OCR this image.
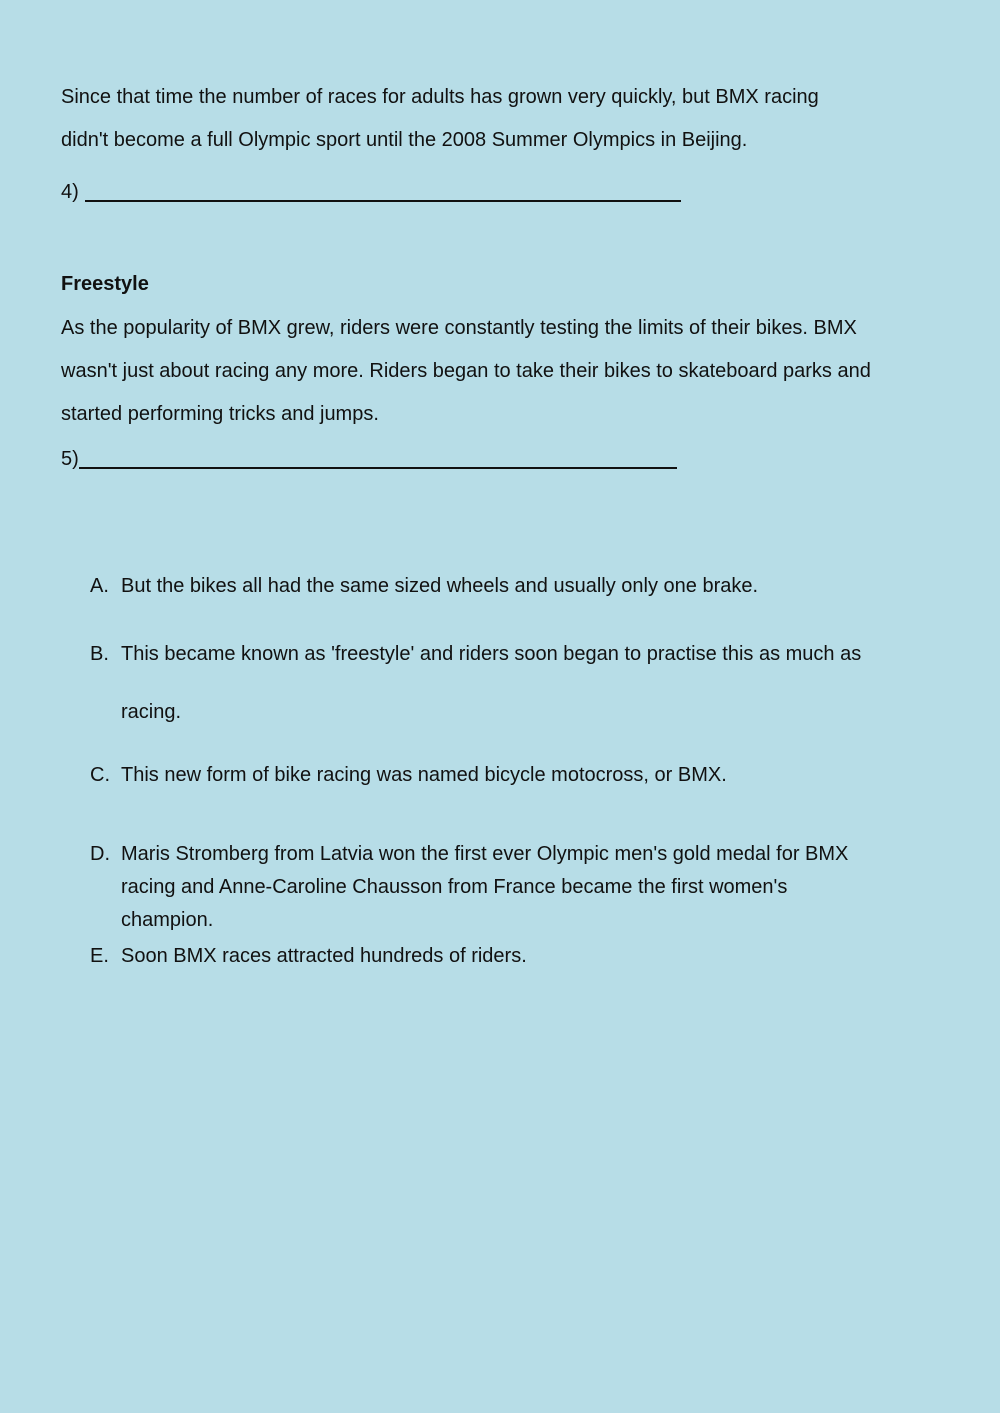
Since that time the number of races for adults has grown very quickly, but BMX racing
didn't become a full Olympic sport until the 2008 Summer Olympics in Beijing.
4)
Freestyle
As the popularity of BMX grew, riders were constantly testing the limits of their bikes. BMX
wasn't just about racing any more. Riders began to take their bikes to skateboard parks and
started performing tricks and jumps.
5)
A. But the bikes all had the same sized wheels and usually only one brake.
B. This became known as 'freestyle' and riders soon began to practise this as much as
racing.
C. This new form of bike racing was named bicycle motocross, or BMX.
D. Maris Stromberg from Latvia won the first ever Olympic men's gold medal for BMX
racing and Anne-Caroline Chausson from France became the first women's
champion.
E. Soon BMX races attracted hundreds of riders.
